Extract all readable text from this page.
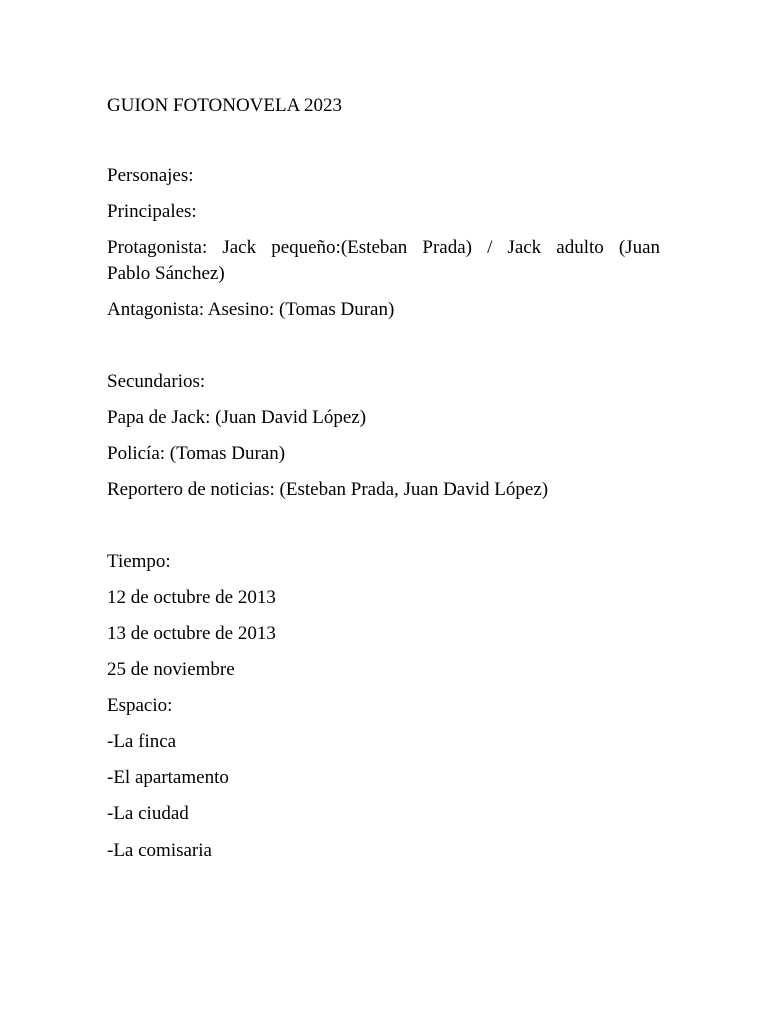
GUION FOTONOVELA 2023
Personajes:
Principales:
Protagonista: Jack pequeño:(Esteban Prada) / Jack adulto (Juan
Pablo Sánchez)
Antagonista: Asesino: (Tomas Duran)
Secundarios:
Papa de Jack: (Juan David López)
Policía: (Tomas Duran)
Reportero de noticias: (Esteban Prada, Juan David López)
Tiempo:
12 de octubre de 2013
13 de octubre de 2013
25 de noviembre
Espacio:
-La finca
-El apartamento
-La ciudad
-La comisaria
